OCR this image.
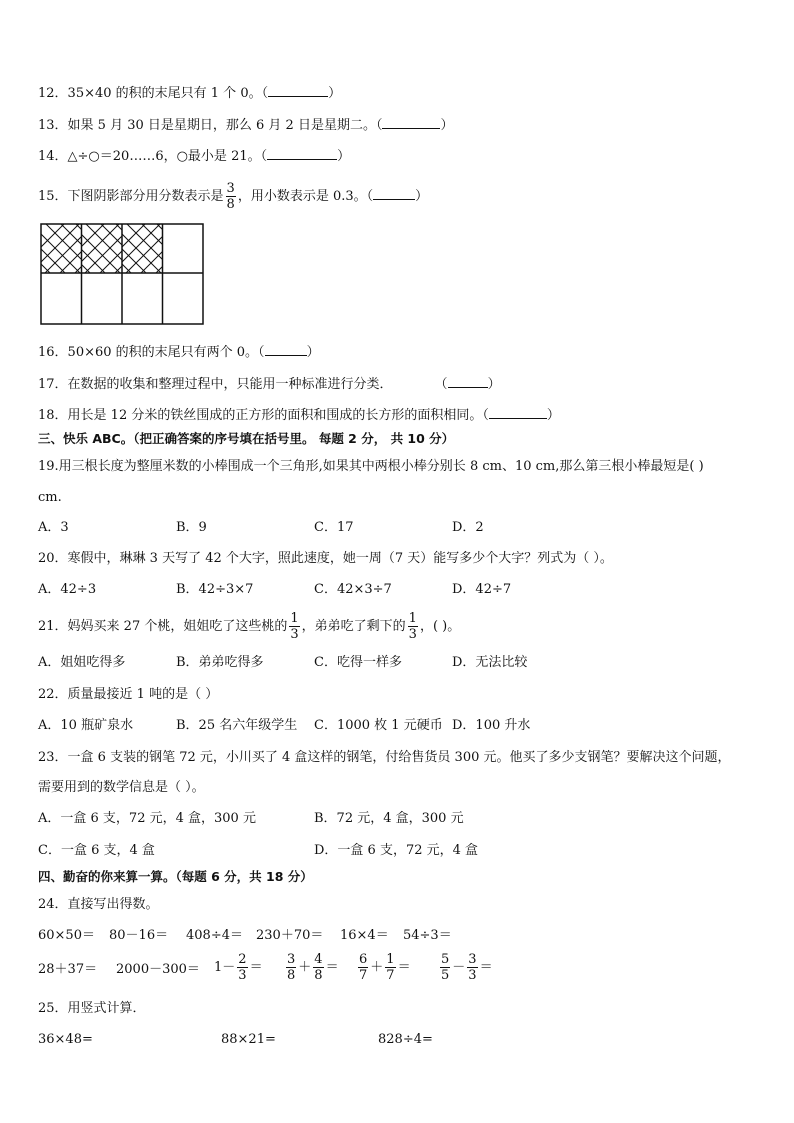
12．35×40 的积的末尾只有 1 个 0。（	）
13．如果 5 月 30 日是星期日，那么 6 月 2 日是星期二。（	）
14．△÷○＝20……6，○最小是 21。（	）
15．下图阴影部分用分数表示是 $\frac{3}{8}$ ，用小数表示是 0.3。（	）
16．50×60 的积的末尾只有两个 0。（	）
17．在数据的收集和整理过程中，只能用一种标准进行分类．	（	）
18．用长是 12 分米的铁丝围成的正方形的面积和围成的长方形的面积相同。（	）
三、快乐 ABC。（把正确答案的序号填在括号里。 每题 2 分， 共 10 分）
19.用三根长度为整厘米数的小棒围成一个三角形,如果其中两根小棒分别长 8 cm、10 cm,那么第三根小棒最短是( )
cm.
A．3	B．9	C．17	D．2
20．寒假中，琳琳 3 天写了 42 个大字，照此速度，她一周（7 天）能写多少个大字？列式为（ ）。
A．42÷3	B．42÷3×7	C．42×3÷7	D．42÷7
21．妈妈买来 27 个桃，姐姐吃了这些桃的 $\frac{1}{3}$ ，弟弟吃了剩下的 $\frac{1}{3}$ ，( )。
A．姐姐吃得多	B．弟弟吃得多	C．吃得一样多	D．无法比较
22．质量最接近 1 吨的是（ ）
A．10 瓶矿泉水	B．25 名六年级学生 C．1000 枚 1 元硬币 D．100 升水
23．一盒 6 支装的钢笔 72 元，小川买了 4 盒这样的钢笔，付给售货员 300 元。他买了多少支钢笔？要解决这个问题，
需要用到的数学信息是（ ）。
A．一盒 6 支，72 元，4 盒，300 元	B．72 元，4 盒，300 元
C．一盒 6 支，4 盒	D．一盒 6 支，72 元，4 盒
四、勤奋的你来算一算。（每题 6 分，共 18 分）
24．直接写出得数。
60×50＝ 80－16＝ 408÷4＝ 230＋70＝ 16×4＝ 54÷3＝
$28+37= 2000-300= 1- \frac{2}{3} = \frac{3}{8} + \frac{4}{8} = \frac{6}{7} + \frac{1}{7} = \frac{5}{5} - \frac{3}{3}$ ＝
25．用竖式计算．
36×48=	88×21=	828÷4=
